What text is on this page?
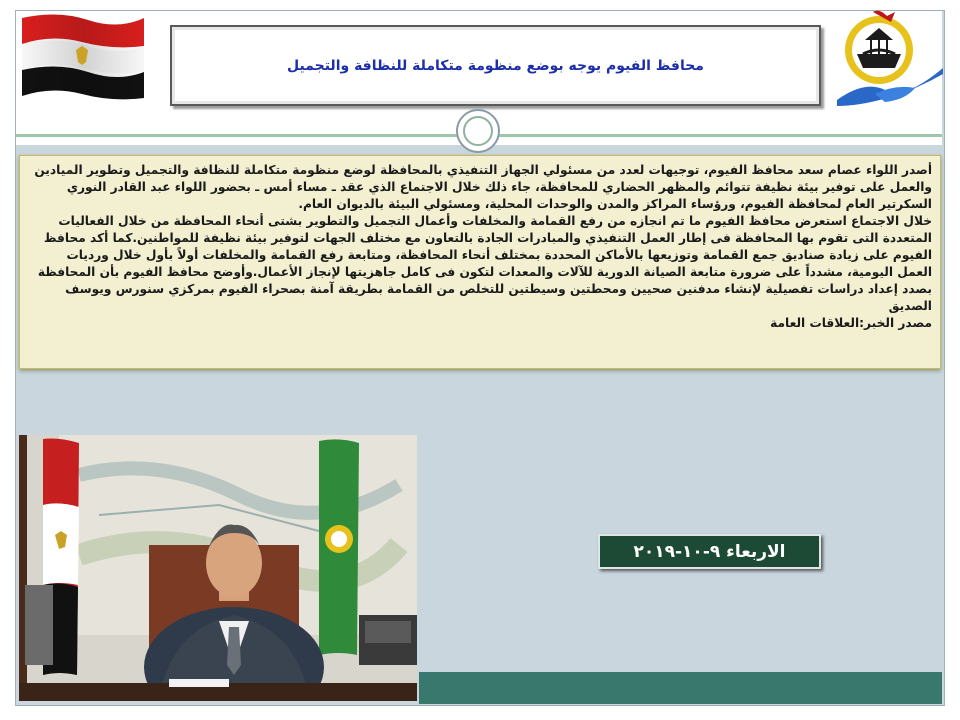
محافظ الفيوم يوجه بوضع منظومة متكاملة للنظافة والتجميل

أصدر اللواء عصام سعد محافظ الفيوم، توجيهات لعدد من مسئولي الجهاز التنفيذي بالمحافظة لوضع منظومة متكاملة للنظافة والتجميل وتطوير الميادين والعمل على توفير بيئة نظيفة تتوائم والمظهر الحضاري للمحافظة، جاء ذلك خلال الاجتماع الذي عقد ـ مساء أمس ـ بحضور اللواء عبد القادر النوري السكرتير العام لمحافظة الفيوم، ورؤساء المراكز والمدن والوحدات المحلية، ومسئولي البيئة بالديوان العام.

خلال الاجتماع استعرض محافظ الفيوم ما تم انجازه من رفع القمامة والمخلفات وأعمال التجميل والتطوير بشتى أنحاء المحافظة من خلال الفعاليات المتعددة التى تقوم بها المحافظة فى إطار العمل التنفيذي والمبادرات الجادة بالتعاون مع مختلف الجهات لتوفير بيئة نظيفة للمواطنين.كما أكد محافظ الفيوم على زيادة صناديق جمع القمامة وتوزيعها بالأماكن المحددة بمختلف أنحاء المحافظة، ومتابعة رفع القمامة والمخلفات أولاً بأول خلال ورديات العمل اليومية، مشدداً على ضرورة متابعة الصيانة الدورية للآلات والمعدات لتكون فى كامل جاهزيتها لإنجاز الأعمال.وأوضح محافظ الفيوم بأن المحافظة بصدد إعداد دراسات تفصيلية لإنشاء مدفنين صحيين ومحطتين وسيطتين للتخلص من القمامة بطريقة آمنة بصحراء الفيوم بمركزي سنورس ويوسف الصديق

مصدر الخبر:العلاقات العامة

الاربعاء ٩-١٠-٢٠١٩
